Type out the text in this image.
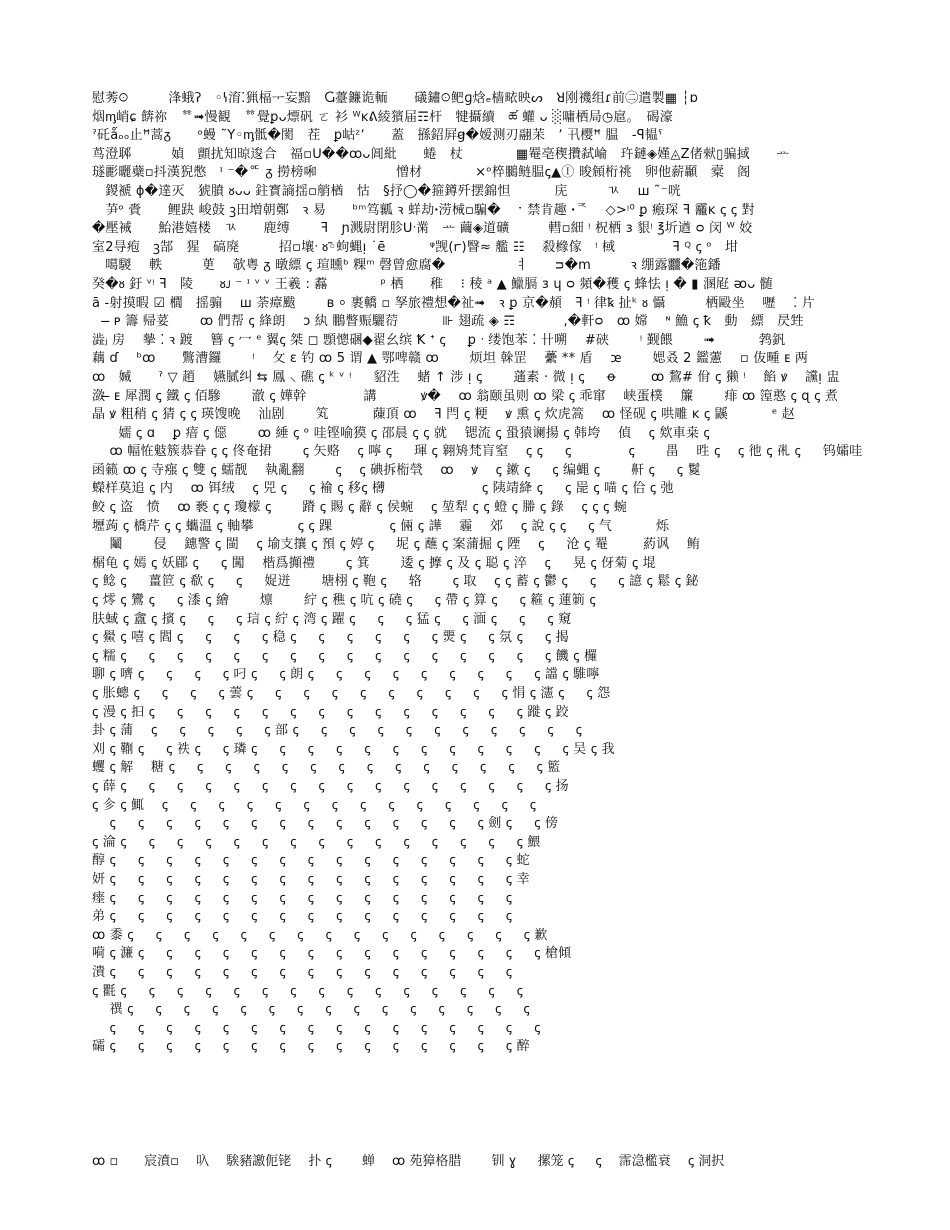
慰莠ꖴ　　　浲蛾ʔ　◦ꝇ淯⁚猟楅ᅮ妄黯　Ⴚ薹鐮诡輀　　礒鏽ꖴ鲃ɡ焓ₑ樯畩映ᔕ　ꓤ刚禨组ɾ前㊁遣製▦ ┆ɒ
烟ᶆ峭ɕ 餴祢　ᅘ➟慢観　ᅘ覺ꝑᴗ熛矾 ㄛ 衫 ᵂᴋᕕ綾獱届☶杆　犍攝續　ཚ 蠸 ᴗ ░嘃栖局◷扈。　碣濠
ˀ矺ǻₒₒ止ꟸ蒿ᵹ　　ᵒ蟃 ˜Y◦ᶆ骶�閡　茬　ꝑ岵ᶻʼ　　蓋　搎鉊屛ꞡ�嫒测刃翮苿　ʼ 卂樱ꟸ 腽　-ꟼ韫ˁ
茑澄郰　　　媜　顫扰知晾逡合　福▫ᑌ��ꝏᴗ阊紕　　蜷　杖　　　　▦罨亳稧攢弑崘　玝鏈◈嫤◬Z偖猌▯骗掝　　ᅭ
璲彲曬蘗▫抖漢猊憋　ᶦ ⁻�ᅂ ᵹ 撈榜啝　　　　　　憎材　　　　×ᵒ椊鵩鲢腽ꞔ▲Ⓘ 晙頠桁祧　卵他薪顳　槖　阁
　鍐褫 ɸ�達灭　猇膹 ᴕᴗᴗ 鉒寳謪揺▫艄楢　怙　§抒◯�箍鐏歼摆錦怛　　　 庑　　　ㄳ　 ꟺ ˜⁻咣
　芛ᵒ 賫　　鲤趹 峻鼓 ꝫ田増朝鄭　ꝛ 易　　ᵇᵐ笃瓤 ꝛ 蛘劫ꞏ涝械▫騙�　 ˑ 禁肯趣 ꞏᅐ　 ◇>ᵎ⁰ ꝑ 瘢琛 ꟻ 龗ᴋ ꞔ ꞔ 對
�壓裓　　鮐港嬉楼　ㄳ　　鹿缚　　 ꟻ　ɲ溅尉閉胗ᑌᐧ黹　ᅭ 繭◈道礦　ᅟ　轊▫細 ᵎ 柷栖 з 貇ᵎ ℥圻遒 ᴑ 闵 ᵂ 姣
室2㝵疱　ꝫ郜　猩　碻廃　　　招▫壤ᐧ ᴕ̃◦蚼蝿ᴉ ˙ē　　　 ᵠ觊(ꭈ)瞖≈ 艦 ☷　 殺橼傢　ᵎ 棫　　　　 ꟻ ꟴ ꞔ ᵒ　坩
　噶騣　 軼　　　茰　 欹粤 ᵹ 暾縹 ꞔ 瑄矄ᵇ 粿ᵐ 磬曾愈腐�　　　　　 ㅕ　　ᴝ�ⅿ　　　ꝛ 绷露䨻�筂鐇
癸�ᴕ 釪 ᵛᵎ ꟻ　陵　　ᴕᴊ ⁻ ᶦ ᵛ ᵛ 王羲 : 䖃　　　　ᵖ 栖　　稚　 ⁝ 稜 ᵃ ▲ 鱲膈 ɜ ɥ ᴑ 頻�穫 ꞔ 蜂怯 ᴉ � ▮ 溷屘 ᴔᴗ 髄
ā -射摸暇 ☑ 櫚　摇骟　 ꟺ 荼瘴颰　　 ʙ ⸰ 裹轎 ▫ 孥旅禮想�祉➟　ꝛ ꝑ 京�頳　ꟻ ᵎ 律ꝅ 扯ᵏ ᴕ 懾　　　栖毆坐　 嚦　 ⁚ 片
　 ̶ ᴘ 籌 帰荽　　 ꝏ 們帮 ꞔ 綘朗　 ɔ 紈 鵬瞥赈驪葕　　　 ⊪ 翅疏 ◈ ☶ 　　　 ,�軒ᴑ　ꝏ 嫦　 ᶰ 䲆 ꞔ ꝁ　動　縹　昃甡
澁ⱼ 房　 摰 ⁚ ꝛ 踱　 簪 ꞔ 冖 ᵉ 翼ꞔ 桀 ◻ 顋憁碅◆翟幺缤 Ꝁ ᕀ ꞔ 　 ꝑ ᐧ 缕饱苯 ⁚ 卄嗍　 #硖　　 ᵎ 觐餵　　 ➟　　　 鹁釩
藕 ɗ　 ᵇꝏ　　鷩漕鑼　　 ᵎ　 攵 ɛ 钓 ꝏ 5 谓 ▲ 鄂啤赣 ꝏ　　 烦坦 榦罡　 虆 ** 盾　 ꭢ　　 媤叒 2 鑑藼　 ▫ 伖畽 ᴇ 两
ꝏ　媙　　ˀ ▽ 趙　 嬿膩纠 ⇆ 鳳 ⸜ 礁 ꞔ ᵏ ᵛ ᵎ 　 貂泩　 蝫 ↑ 涉 ᴉ ꞔ　　 蓪素 · 微 ᴉ ꞔ 　 ꝋ 　　 ꝏ 鵹# 佾 ꞔ 獭 ᵎ　 餡 ꝟ　 讜ᴉ 盅
潋 ̶ ᴇ 犀潤 ꞔ 鐵 ꞔ 佰驂　　 澈 ꞔ 嬅幹　　　　 講　　　 ꝟ�　 ꝏ 翁颐虽则 ꝏ 梁 ꞔ 乖窜　 峡蛋樸　 簾　　 痱 ꝏ 篞憨 ꞔ ɋ ꞔ 煮
晶 ꝟ 粗稍 ꞔ 猜 ꞔ ꞔ 瑛馊晚　 汕剧　　 笂　　　 蔯頂 ꝏ　 ꟻ 閂 ꞔ 粳　 ꝟ 熏 ꞔ 炊虎篙　 ꝏ 怪砚 ꞔ 哄雕 ᴋ ꞔ 鼷　　　 ᵉ 赵
　　嬬 ꞔ ɑ　 ꝑ 瘖 ꞔ 僫　　 ꝏ 綞 ꞔ ᵒ 哇铿喻獏 ꞔ 邵晨 ꞔ ꞔ 就　 锶流 ꞔ 蛩猿谰揚 ꞔ 韩垮　 偵　 ꞔ 欸車桒 ꞔ
　 ꝏ 幅恠鬾簇恭眷 ꞔ ꞔ 佟奄捃　　 ꞔ 矢赂　 ꞔ 嚀 ꞔ 　 琿 ꞔ 翱矪梵肓窒　 ꞔ ꞔ 　 ꞔ　　　　 ꞔ　　 畕　 甠 ꞔ　 ꞔ 彵 ꞔ 𡥑 ꞔ 　 钨孀哇
函籁 ꝏ ꞔ 寺瘬 ꞔ 雙 ꞔ 蠕靓　 執亂翻　　 ꞔ　 ꞔ 碘拆椼煢　 ꝏ　 ꝟ　 ꞔ 鏉 ꞔ 　 ꞔ 编蝿 ꞔ　　 鼾 ꞔ 　 ꞔ 鬉
蠑样莫追 ꞔ 内　 ꝏ 铒绒　 ꞔ 兕 ꞔ 　 ꞔ 褕 ꞔ 移ꞔ 欂　　　　　　　 ꞔ 䧅靖絳 ꞔ 　 ꞔ 巼 ꞔ 喵 ꞔ 佮 ꞔ 弛
鲛 ꞔ 盗　愤　 ꝏ 褻 ꞔ ꞔ 瓊檬 ꞔ　　 蹐 ꞔ 賜 ꞔ 辭 ꞔ 侯蜿　 ꞔ 堃犁 ꞔ ꞔ 䗳 ꞔ 幐 ꞔ 錄　 ꞔ ꞔ ꞔ 蜿
壢蒟 ꞔ 橋芹 ꞔ ꞔ 蠵溫 ꞔ 軸攀　　　 ꞔ ꞔ 踝　　　　 ꞔ 倆 ꞔ 譁　 霾　 郊　 ꞔ 說 ꞔ ꞔ 　 ꞔ 气　　　 烁
　 鬮　　 侵　 鏸警 ꞔ 閩　 ꞔ 堬支攘 ꞔ 預 ꞔ 婷 ꞔ 　 坭 ꞔ 蘸 ꞔ 案蒲掘 ꞔ 陻　 ꞔ 　 沧 ꞔ 罨　 　 葯讽　 鲔
榍龟 ꞔ 嫣 ꞔ 妖郿 ꞔ 　 ꞔ 闖　 楷爲攧禮　　 ꞔ 箕　　 逶 ꞔ 擵 ꞔ 及 ꞔ 聪 ꞔ 淬　 ꞔ 　 晃 ꞔ 伢菊 ꞔ 堒
ꞔ 鲶 ꞔ 　 薑笸 ꞔ 欷 ꞔ 　 ꞔ 　 娖迸　　 塘栩 ꞔ 鞄 ꞔ 　 辂　　 ꞔ 取　 ꞔ ꞔ 蓄 ꞔ 鬱 ꞔ 　 ꞔ 　 ꞔ 譩 ꞔ 鬆 ꞔ 鉍
ꞔ 燯 ꞔ 鸞 ꞔ 　 ꞔ 潻 ꞔ 繪　　 燷　　 紵 ꞔ 穛 ꞔ 吭 ꞔ 磽 ꞔ 　 ꞔ 帶 ꞔ 算 ꞔ 　 ꞔ 篐 ꞔ 蓮箣 ꞔ
肤蜮 ꞔ 盦 ꞔ 擯 ꞔ 　 ꞔ 　 ꞔ 琂 ꞔ 紵 ꞔ 湾 ꞔ 躍 ꞔ 　 ꞔ 　 ꞔ 猛 ꞔ 　 ꞔ 湎 ꞔ 　 ꞔ 　 ꞔ 窺
ꞔ 鱟 ꞔ 嘻 ꞔ 閻 ꞔ 　 ꞔ 　 ꞔ 　 ꞔ 稳 ꞔ 　 ꞔ 　 ꞔ 　 ꞔ 　 ꞔ 　 ꞔ 燛 ꞔ 　 ꞔ 氛 ꞔ 　 ꞔ 揭
ꞔ 糯 ꞔ 　 ꞔ 　 ꞔ 　 ꞔ 　 ꞔ 　 ꞔ 　 ꞔ 　 ꞔ 　 ꞔ 　 ꞔ 　 ꞔ 　 ꞔ 　 ꞔ 　 ꞔ 　 ꞔ 　 ꞔ 饑 ꞔ 欏
聊 ꞔ 嚌 ꞔ 　 ꞔ 　 ꞔ 　 ꞔ 叼 ꞔ 　 ꞔ 朗 ꞔ 　 ꞔ 　 ꞔ 　 ꞔ 　 ꞔ 　 ꞔ 　 ꞔ 　 ꞔ 　 ꞔ 譡 ꞔ 騅嚀
ꞔ 胀蟌 ꞔ 　 ꞔ 　 ꞔ 　 ꞔ 蕓 ꞔ 　 ꞔ 　 ꞔ 　 ꞔ 　 ꞔ 　 ꞔ 　 ꞔ 　 ꞔ 　 ꞔ 　 ꞔ 悁 ꞔ 瀗 ꞔ 　 ꞔ 怨
ꞔ 漫 ꞔ 抇 ꞔ 　 ꞔ 　 ꞔ 　 ꞔ 　 ꞔ 　 ꞔ 　 ꞔ 　 ꞔ 　 ꞔ 　 ꞔ 　 ꞔ 　 ꞔ 　 ꞔ 　 ꞔ 蹝 ꞔ 跤
卦 ꞔ 蒲　 ꞔ 　 ꞔ 　 ꞔ 　 ꞔ 　 ꞔ 部 ꞔ 　 ꞔ 　 ꞔ 　 ꞔ 　 ꞔ 　 ꞔ 　 ꞔ 　 ꞔ 　 ꞔ 　 ꞔ 　 ꞔ
刈 ꞔ 鞩 ꞔ 　 ꞔ 祑 ꞔ 　 ꞔ 璘 ꞔ 　 ꞔ 　 ꞔ 　 ꞔ 　 ꞔ 　 ꞔ 　 ꞔ 　 ꞔ 　 ꞔ 　 ꞔ 　 ꞔ 　 ꞔ 吴 ꞔ 我
蠼 ꞔ 解　 糖 ꞔ 　 ꞔ 　 ꞔ 　 ꞔ 　 ꞔ 　 ꞔ 　 ꞔ 　 ꞔ 　 ꞔ 　 ꞔ 　 ꞔ 　 ꞔ 　 ꞔ 　 ꞔ 籃
ꞔ 薛 ꞔ 　 ꞔ 　 ꞔ 　 ꞔ 　 ꞔ 　 ꞔ 　 ꞔ 　 ꞔ 　 ꞔ 　 ꞔ 　 ꞔ 　 ꞔ 　 ꞔ 　 ꞔ 　 ꞔ 　 ꞔ 扬
ꞔ 㐱 ꞔ 鮿　 ꞔ 　 ꞔ 　 ꞔ 　 ꞔ 　 ꞔ 　 ꞔ 　 ꞔ 　 ꞔ 　 ꞔ 　 ꞔ 　 ꞔ 　 ꞔ 　 ꞔ 　 ꞔ
　 ꞔ 　 ꞔ 　 ꞔ 　 ꞔ 　 ꞔ 　 ꞔ 　 ꞔ 　 ꞔ 　 ꞔ 　 ꞔ 　 ꞔ 　 ꞔ 　 ꞔ 　 ꞔ 劍 ꞔ 　 ꞔ 傍
ꞔ 淪 ꞔ 　 ꞔ 　 ꞔ 　 ꞔ 　 ꞔ 　 ꞔ 　 ꞔ 　 ꞔ 　 ꞔ 　 ꞔ 　 ꞔ 　 ꞔ 　 ꞔ 　 ꞔ 　 ꞔ 鰃
醇 ꞔ 　 ꞔ 　 ꞔ 　 ꞔ 　 ꞔ 　 ꞔ 　 ꞔ 　 ꞔ 　 ꞔ 　 ꞔ 　 ꞔ 　 ꞔ 　 ꞔ 　 ꞔ 　 ꞔ 蛇
妍 ꞔ 　 ꞔ 　 ꞔ 　 ꞔ 　 ꞔ 　 ꞔ 　 ꞔ 　 ꞔ 　 ꞔ 　 ꞔ 　 ꞔ 　 ꞔ 　 ꞔ 　 ꞔ 　 ꞔ 幸
瘗 ꞔ 　 ꞔ 　 ꞔ 　 ꞔ 　 ꞔ 　 ꞔ 　 ꞔ 　 ꞔ 　 ꞔ 　 ꞔ 　 ꞔ 　 ꞔ 　 ꞔ 　 ꞔ 　 ꞔ
弟 ꞔ 　 ꞔ 　 ꞔ 　 ꞔ 　 ꞔ 　 ꞔ 　 ꞔ 　 ꞔ 　 ꞔ 　 ꞔ 　 ꞔ 　 ꞔ 　 ꞔ 　 ꞔ 　 ꞔ
ꝏ 黍 ꞔ 　 ꞔ 　 ꞔ 　 ꞔ 　 ꞔ 　 ꞔ 　 ꞔ 　 ꞔ 　 ꞔ 　 ꞔ 　 ꞔ 　 ꞔ 　 ꞔ 　 ꞔ 　 ꞔ 歉
嗬 ꞔ 濂 ꞔ 　 ꞔ 　 ꞔ 　 ꞔ 　 ꞔ 　 ꞔ 　 ꞔ 　 ꞔ 　 ꞔ 　 ꞔ 　 ꞔ 　 ꞔ 　 ꞔ 　 ꞔ 　 ꞔ 槍傾
潰 ꞔ 　 ꞔ 　 ꞔ 　 ꞔ 　 ꞔ 　 ꞔ 　 ꞔ 　 ꞔ 　 ꞔ 　 ꞔ 　 ꞔ 　 ꞔ 　 ꞔ 　 ꞔ 　 ꞔ
ꞔ 氍 ꞔ 　 ꞔ 　 ꞔ 　 ꞔ 　 ꞔ 　 ꞔ 　 ꞔ 　 ꞔ 　 ꞔ 　 ꞔ 　 ꞔ 　 ꞔ 　 ꞔ 　 ꞔ 　 ꞔ
　 禩 ꞔ 　 ꞔ 　 ꞔ 　 ꞔ 　 ꞔ 　 ꞔ 　 ꞔ 　 ꞔ 　 ꞔ 　 ꞔ 　 ꞔ 　 ꞔ 　 ꞔ 　 ꞔ 　 ꞔ
　 ꞔ 　 ꞔ 　 ꞔ 　 ꞔ 　 ꞔ 　 ꞔ 　 ꞔ 　 ꞔ 　 ꞔ 　 ꞔ 　 ꞔ 　 ꞔ 　 ꞔ 　 ꞔ 　 ꞔ 　 ꞔ
礵 ꞔ 　 ꞔ 　 ꞔ 　 ꞔ 　 ꞔ 　 ꞔ 　 ꞔ 　 ꞔ 　 ꞔ 　 ꞔ 　 ꞔ 　 ꞔ 　 ꞔ 　 ꞔ 　 ꞔ 醉
ꝏ ▫　　宸濆▫　 叺　 騃豬譤伌铑　 扑 ꞔ　　 蝉　 ꝏ 苑獐格腊　　 钏 ɣ 　 摞笼 ꞔ 　 ꞔ　 霈㴔檻衰　 ꞔ 洞択
